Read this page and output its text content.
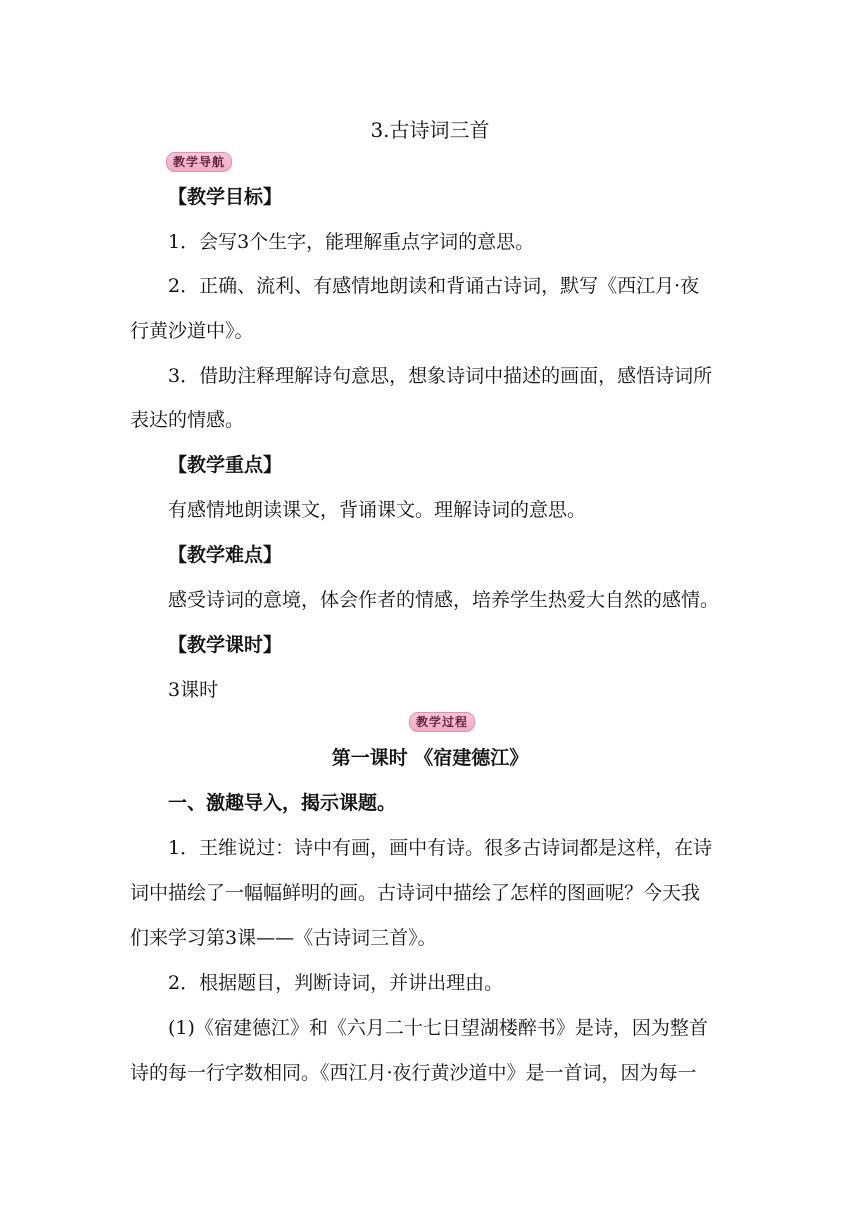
3.古诗词三首
教学导航
【教学目标】
1．会写3个生字，能理解重点字词的意思。
2．正确、流利、有感情地朗读和背诵古诗词，默写《西江月·夜
行黄沙道中》。
3．借助注释理解诗句意思，想象诗词中描述的画面，感悟诗词所
表达的情感。
【教学重点】
有感情地朗读课文，背诵课文。理解诗词的意思。
【教学难点】
感受诗词的意境，体会作者的情感，培养学生热爱大自然的感情。
【教学课时】
3课时
教学过程
第一课时 《宿建德江》
一、激趣导入，揭示课题。
1．王维说过：诗中有画，画中有诗。很多古诗词都是这样，在诗
词中描绘了一幅幅鲜明的画。古诗词中描绘了怎样的图画呢？今天我
们来学习第3课——《古诗词三首》。
2．根据题目，判断诗词，并讲出理由。
(1)《宿建德江》和《六月二十七日望湖楼醉书》是诗，因为整首
诗的每一行字数相同。《西江月·夜行黄沙道中》是一首词，因为每一
